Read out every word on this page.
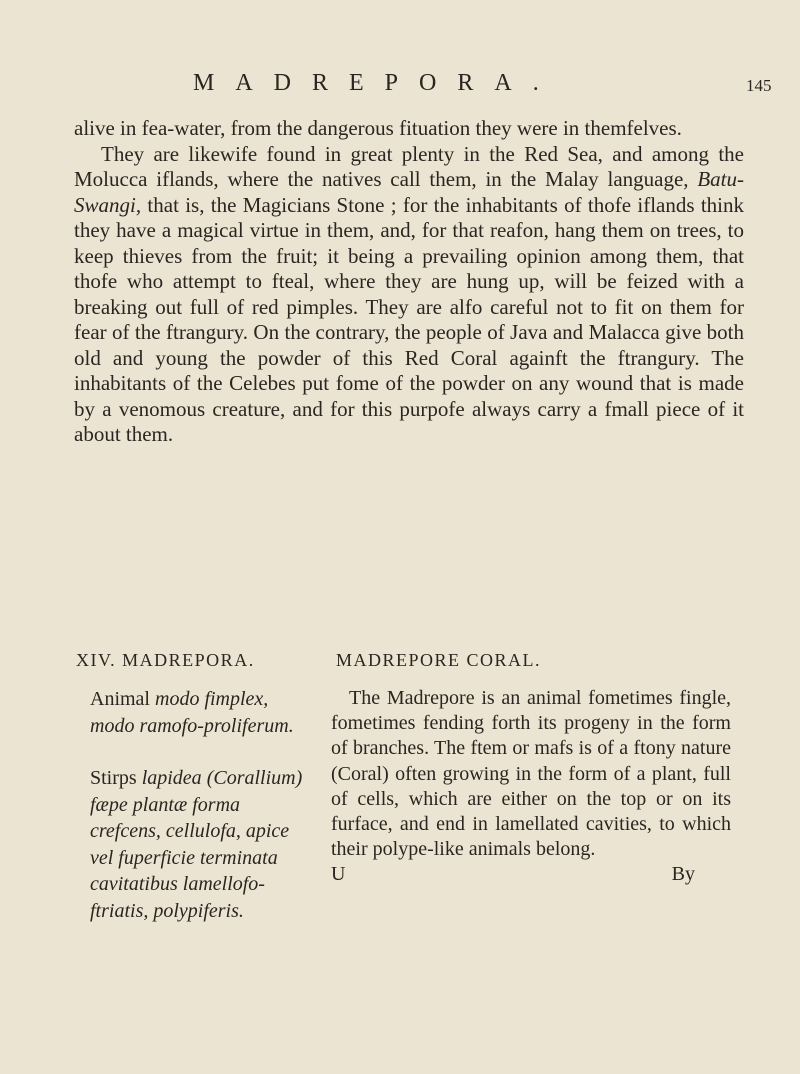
MADREPORA.	145

alive in fea-water, from the dangerous fituation they were in themfelves.

They are likewife found in great plenty in the Red Sea, and among the Molucca iflands, where the natives call them, in the Malay language, Batu-Swangi, that is, the Magicians Stone ; for the inhabitants of thofe iflands think they have a magical virtue in them, and, for that reafon, hang them on trees, to keep thieves from the fruit; it being a prevailing opinion among them, that thofe who attempt to fteal, where they are hung up, will be feized with a breaking out full of red pimples. They are alfo careful not to fit on them for fear of the ftrangury. On the contrary, the people of Java and Malacca give both old and young the powder of this Red Coral againft the ftrangury. The inhabitants of the Celebes put fome of the powder on any wound that is made by a venomous creature, and for this purpofe always carry a fmall piece of it about them.

XIV. MADREPORA.	MADREPORE CORAL.

Animal modo fimplex, modo ramofo-proliferum.

Stirps lapidea (Corallium) fæpe plantæ forma crefcens, cellulofa, apice vel fuperficie terminata cavitatibus lamellofo-ftriatis, polypiferis.

The Madrepore is an animal fometimes fingle, fometimes fending forth its progeny in the form of branches. The ftem or mafs is of a ftony nature (Coral) often growing in the form of a plant, full of cells, which are either on the top or on its furface, and end in lamellated cavities, to which their polype-like animals belong.

U	By
